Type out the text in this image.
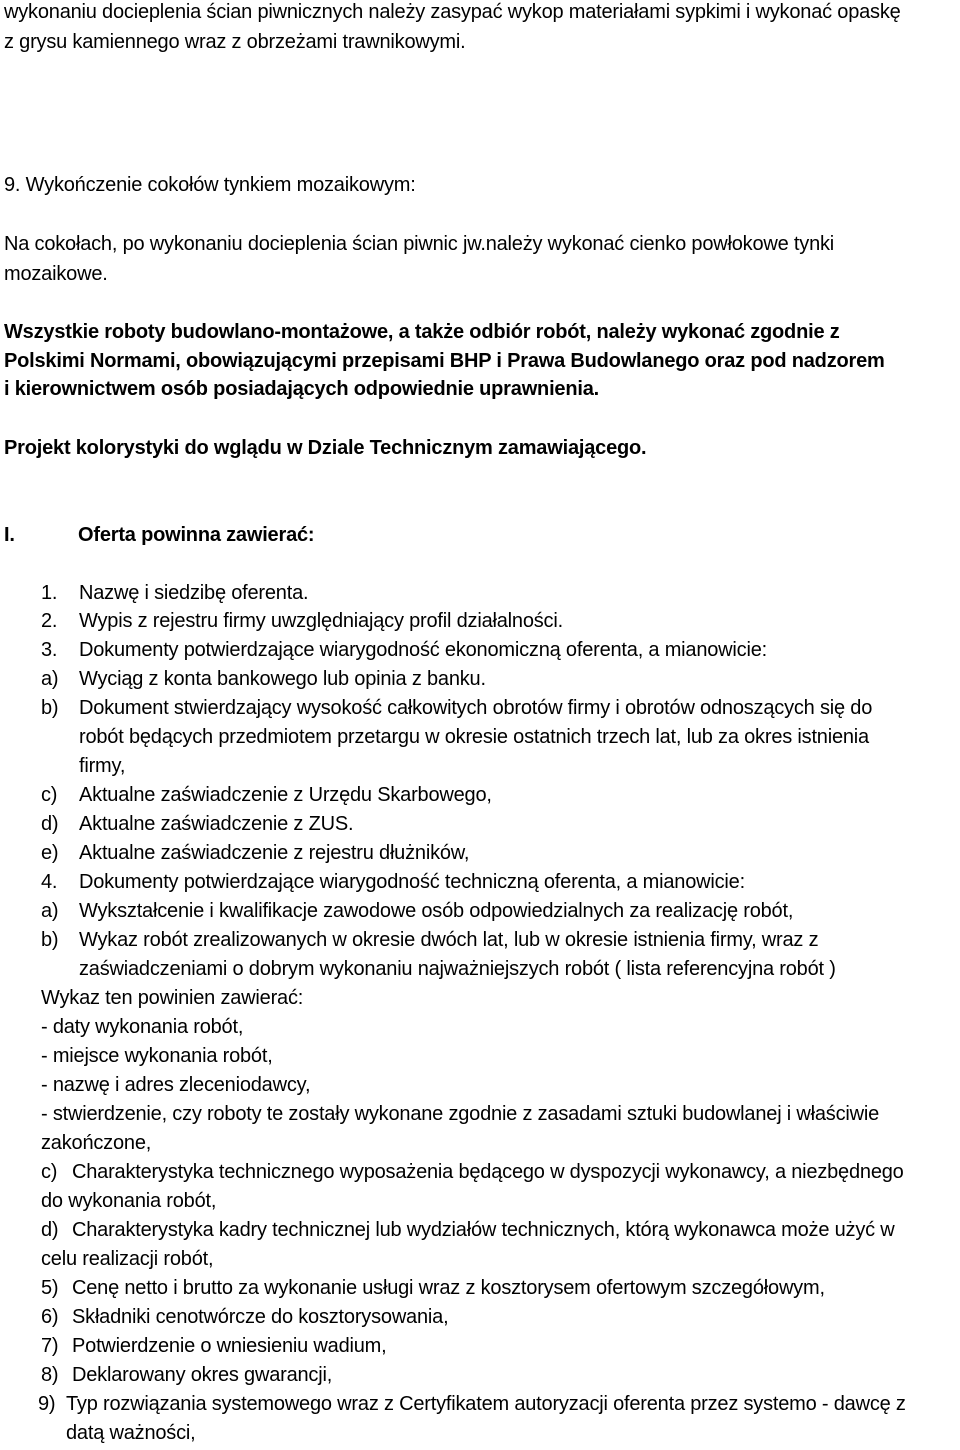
wykonaniu docieplenia ścian piwnicznych należy zasypać wykop materiałami sypkimi i wykonać opaskę
z grysu kamiennego wraz z obrzeżami trawnikowymi.
9. Wykończenie cokołów tynkiem mozaikowym:
Na cokołach, po wykonaniu docieplenia ścian piwnic jw.należy wykonać cienko powłokowe tynki
mozaikowe.
Wszystkie roboty budowlano-montażowe, a także odbiór robót, należy wykonać zgodnie z
Polskimi Normami, obowiązującymi przepisami BHP i Prawa Budowlanego oraz pod nadzorem
i kierownictwem osób posiadających odpowiednie uprawnienia.
Projekt kolorystyki do wglądu w Dziale Technicznym zamawiającego.
I.	Oferta powinna zawierać:
1. Nazwę i siedzibę oferenta.
2. Wypis z rejestru firmy uwzględniający profil działalności.
3. Dokumenty potwierdzające wiarygodność ekonomiczną oferenta, a mianowicie:
a) Wyciąg z konta bankowego lub opinia z banku.
b) Dokument stwierdzający wysokość całkowitych obrotów firmy i obrotów odnoszących się do
robót będących przedmiotem przetargu w okresie ostatnich trzech lat, lub za okres istnienia
firmy,
c) Aktualne zaświadczenie z Urzędu Skarbowego,
d) Aktualne zaświadczenie z ZUS.
e) Aktualne zaświadczenie z rejestru dłużników,
4. Dokumenty potwierdzające wiarygodność techniczną oferenta, a mianowicie:
a) Wykształcenie i kwalifikacje zawodowe osób odpowiedzialnych za realizację robót,
b) Wykaz robót zrealizowanych w okresie dwóch lat, lub w okresie istnienia firmy, wraz z
zaświadczeniami o dobrym wykonaniu najważniejszych robót ( lista referencyjna robót )
Wykaz ten powinien zawierać:
- daty wykonania robót,
- miejsce wykonania robót,
- nazwę i adres zleceniodawcy,
- stwierdzenie, czy roboty te zostały wykonane zgodnie z zasadami sztuki budowlanej i właściwie
zakończone,
c) Charakterystyka technicznego wyposażenia będącego w dyspozycji wykonawcy, a niezbędnego
do wykonania robót,
d) Charakterystyka kadry technicznej lub wydziałów technicznych, którą wykonawca może użyć w
celu realizacji robót,
5) Cenę netto i brutto za wykonanie usługi wraz z kosztorysem ofertowym szczegółowym,
6) Składniki cenotwórcze do kosztorysowania,
7) Potwierdzenie o wniesieniu wadium,
8) Deklarowany okres gwarancji,
9) Typ rozwiązania systemowego wraz z Certyfikatem autoryzacji oferenta przez systemo - dawcę z
datą ważności,
